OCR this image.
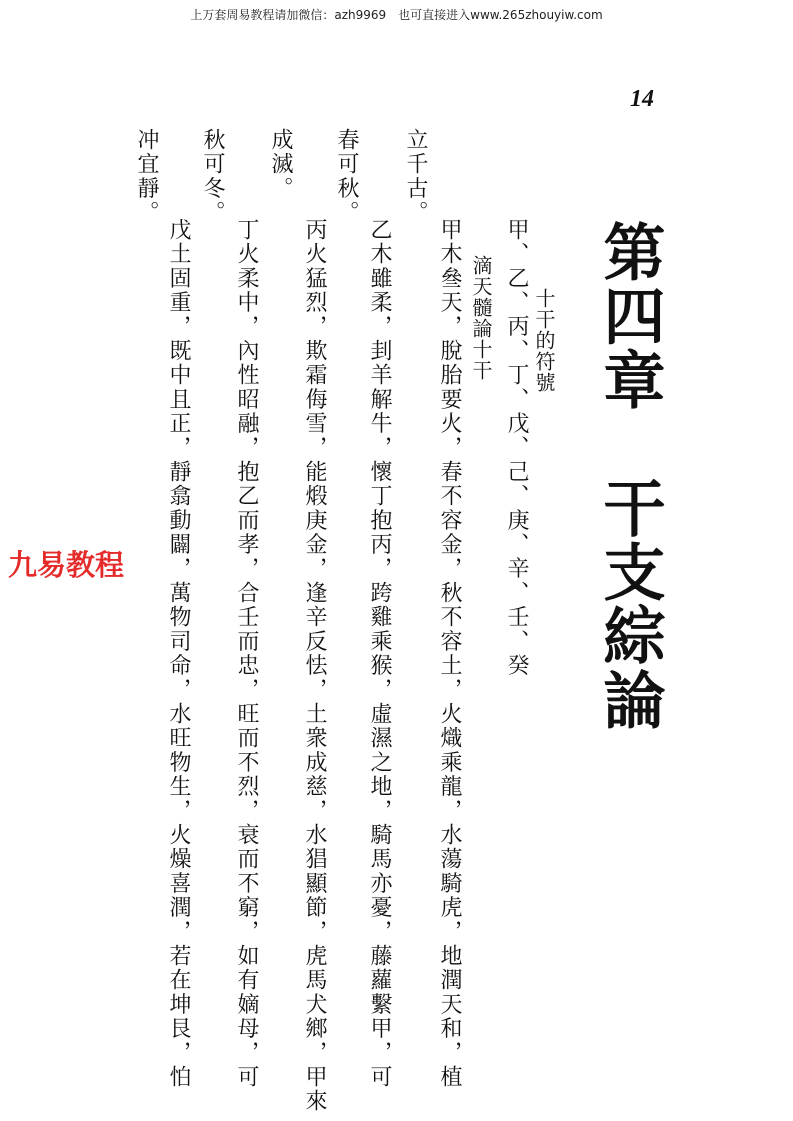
上万套周易教程请加微信：azh9969　也可直接进入www.265zhouyiw.com
14
第四章　干支綜論
十干的符號
甲、乙、丙、丁、戊、己、庚、辛、壬、癸
滴天髓論十干
甲木叄天，脫胎要火，春不容金，秋不容土，火熾乘龍，水蕩騎虎，地潤天和，植
立千古。
乙木雖柔，刲羊解牛，懷丁抱丙，跨雞乘猴，虛濕之地，騎馬亦憂，藤蘿繫甲，可
春可秋。
丙火猛烈，欺霜侮雪，能煅庚金，逢辛反怯，土衆成慈，水猖顯節，虎馬犬鄉，甲來
成滅。
丁火柔中，內性昭融，抱乙而孝，合壬而忠，旺而不烈，衰而不窮，如有嫡母，可
秋可冬。
戊土固重，既中且正，靜翕動闢，萬物司命，水旺物生，火燥喜潤，若在坤艮，怕
冲宜靜。
九易教程
